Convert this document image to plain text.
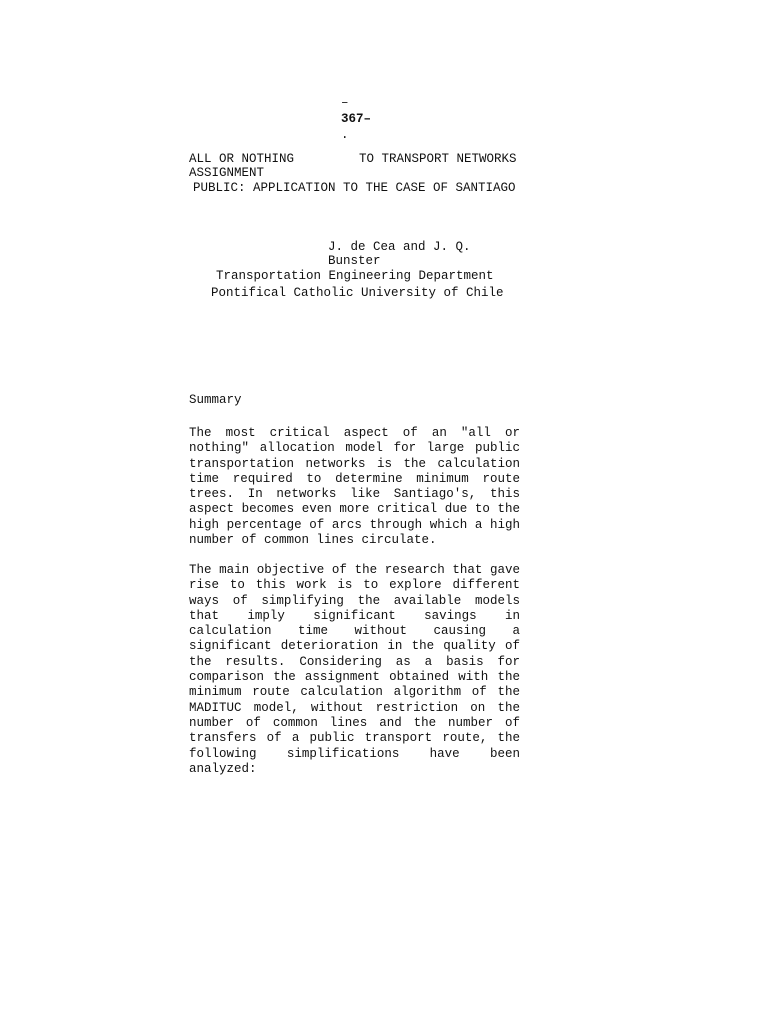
–
367–
.
ALL OR NOTHING	TO TRANSPORT NETWORKS
ASSIGNMENT
PUBLIC: APPLICATION TO THE CASE OF SANTIAGO
J. de Cea and J. Q.
Bunster
Transportation Engineering Department
Pontifical Catholic University of Chile
Summary

The most critical aspect of an "all or nothing" allocation model for large public transportation networks is the calculation time required to determine minimum route trees. In networks like Santiago's, this aspect becomes even more critical due to the high percentage of arcs through which a high number of common lines circulate.

The main objective of the research that gave rise to this work is to explore different ways of simplifying the available models that imply significant savings in calculation time without causing a significant deterioration in the quality of the results. Considering as a basis for comparison the assignment obtained with the minimum route calculation algorithm of the MADITUC model, without restriction on the number of common lines and the number of transfers of a public transport route, the following simplifications have been analyzed:
